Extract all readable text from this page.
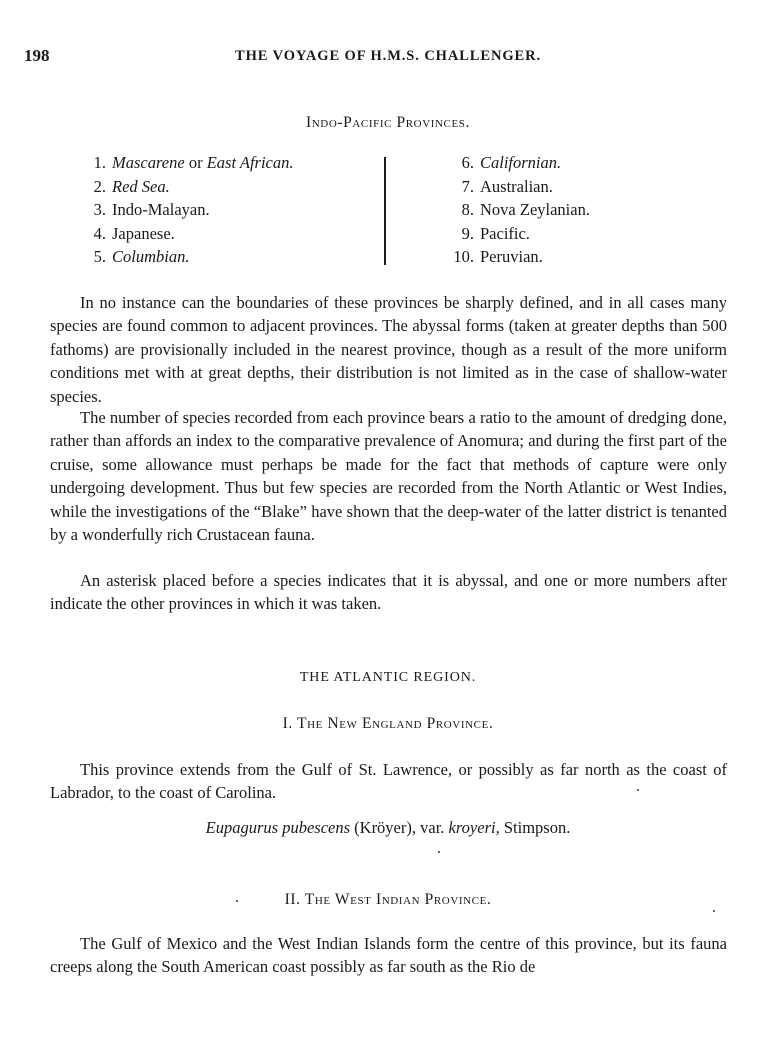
198	THE VOYAGE OF H.M.S. CHALLENGER.
Indo-Pacific Provinces.
1. Mascarene or East African.
2. Red Sea.
3. Indo-Malayan.
4. Japanese.
5. Columbian.
6. Californian.
7. Australian.
8. Nova Zeylanian.
9. Pacific.
10. Peruvian.

In no instance can the boundaries of these provinces be sharply defined, and in all cases many species are found common to adjacent provinces. The abyssal forms (taken at greater depths than 500 fathoms) are provisionally included in the nearest province, though as a result of the more uniform conditions met with at great depths, their distribution is not limited as in the case of shallow-water species.

The number of species recorded from each province bears a ratio to the amount of dredging done, rather than affords an index to the comparative prevalence of Anomura; and during the first part of the cruise, some allowance must perhaps be made for the fact that methods of capture were only undergoing development. Thus but few species are recorded from the North Atlantic or West Indies, while the investigations of the “Blake” have shown that the deep-water of the latter district is tenanted by a wonderfully rich Crustacean fauna.

An asterisk placed before a species indicates that it is abyssal, and one or more numbers after indicate the other provinces in which it was taken.

THE ATLANTIC REGION.
I. The New England Province.

This province extends from the Gulf of St. Lawrence, or possibly as far north as the coast of Labrador, to the coast of Carolina.

Eupagurus pubescens (Kröyer), var. kroyeri, Stimpson.
II. The West Indian Province.

The Gulf of Mexico and the West Indian Islands form the centre of this province, but its fauna creeps along the South American coast possibly as far south as the Rio de
